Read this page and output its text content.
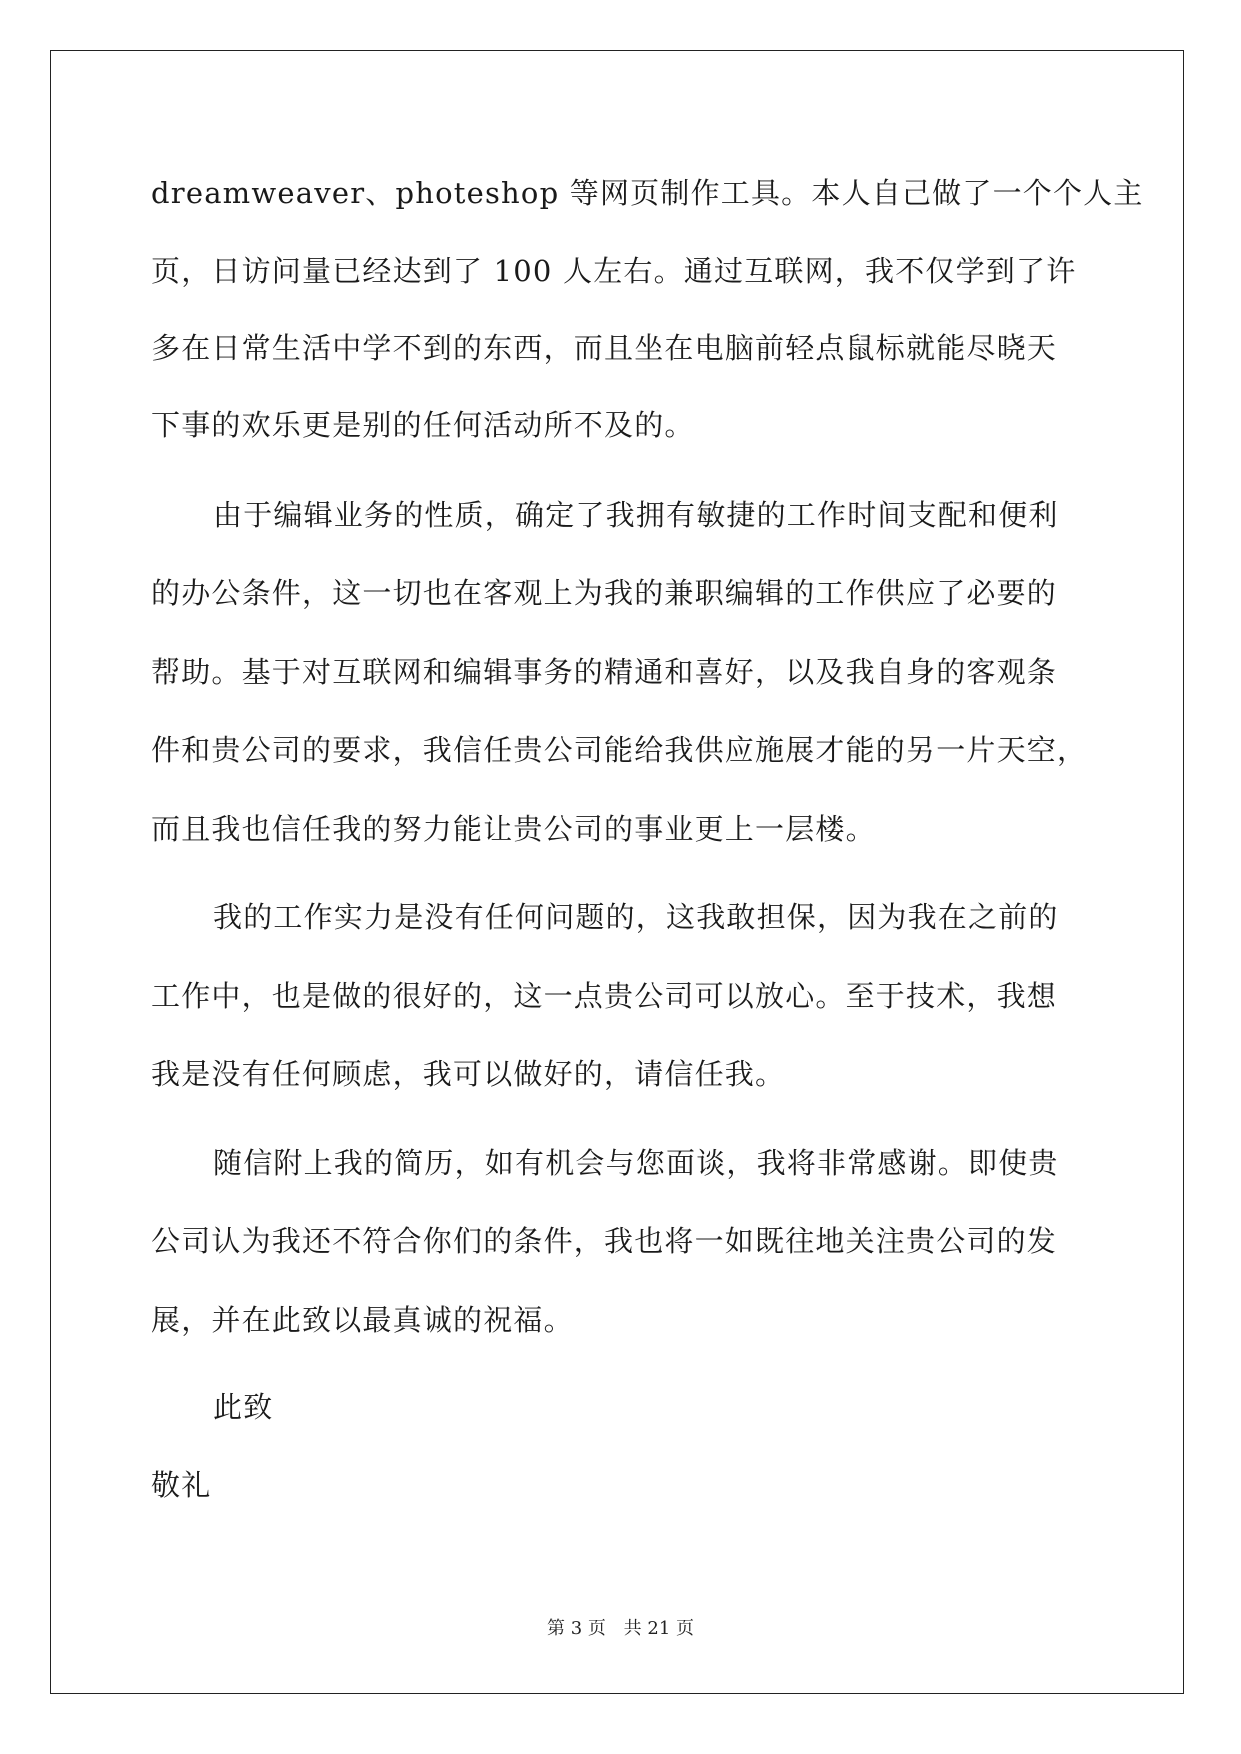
dreamweaver、photeshop 等网页制作工具。本人自己做了一个个人主
页，日访问量已经达到了 100 人左右。通过互联网，我不仅学到了许
多在日常生活中学不到的东西，而且坐在电脑前轻点鼠标就能尽晓天
下事的欢乐更是别的任何活动所不及的。
由于编辑业务的性质，确定了我拥有敏捷的工作时间支配和便利
的办公条件，这一切也在客观上为我的兼职编辑的工作供应了必要的
帮助。基于对互联网和编辑事务的精通和喜好，以及我自身的客观条
件和贵公司的要求，我信任贵公司能给我供应施展才能的另一片天空，
而且我也信任我的努力能让贵公司的事业更上一层楼。
我的工作实力是没有任何问题的，这我敢担保，因为我在之前的
工作中，也是做的很好的，这一点贵公司可以放心。至于技术，我想
我是没有任何顾虑，我可以做好的，请信任我。
随信附上我的简历，如有机会与您面谈，我将非常感谢。即使贵
公司认为我还不符合你们的条件，我也将一如既往地关注贵公司的发
展，并在此致以最真诚的祝福。
此致
敬礼
第 3 页 共 21 页
